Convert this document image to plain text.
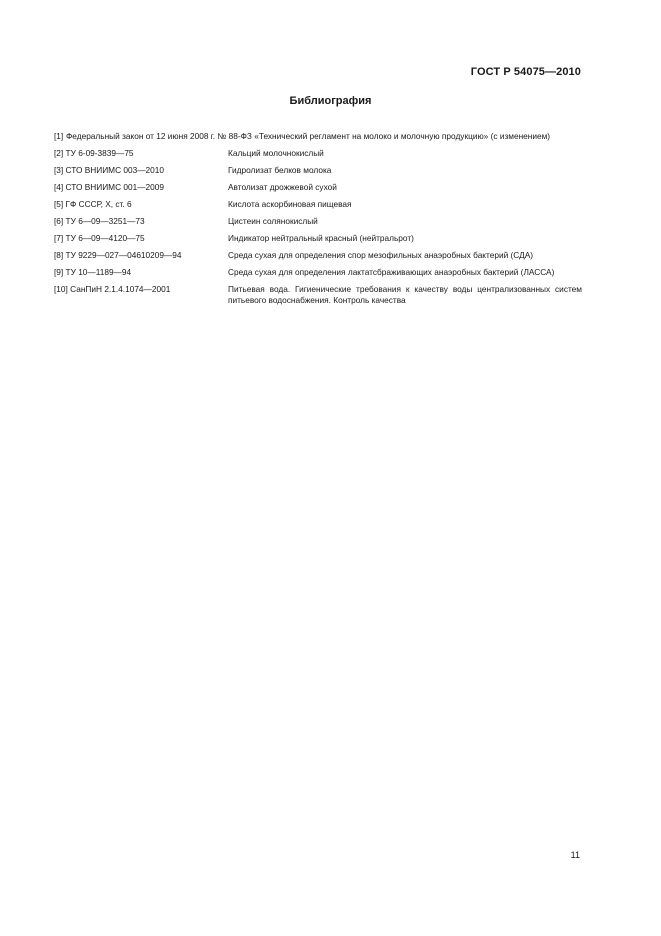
ГОСТ Р 54075—2010
Библиография
[1] Федеральный закон от 12 июня 2008 г. № 88-ФЗ «Технический регламент на молоко и молочную продукцию» (с изменением)
[2] ТУ 6-09-3839—75	Кальций молочнокислый
[3] СТО ВНИИМС 003—2010	Гидролизат белков молока
[4] СТО ВНИИМС 001—2009	Автолизат дрожжевой сухой
[5] ГФ СССР, X, ст. 6	Кислота аскорбиновая пищевая
[6] ТУ 6—09—3251—73	Цистеин солянокислый
[7] ТУ 6—09—4120—75	Индикатор нейтральный красный (нейтральрот)
[8] ТУ 9229—027—04610209—94	Среда сухая для определения спор мезофильных анаэробных бактерий (СДА)
[9] ТУ 10—1189—94	Среда сухая для определения лактатсбраживающих анаэробных бактерий (ЛАССА)
[10] СанПиН 2.1.4.1074—2001	Питьевая вода. Гигиенические требования к качеству воды централизованных систем питьевого водоснабжения. Контроль качества
11
